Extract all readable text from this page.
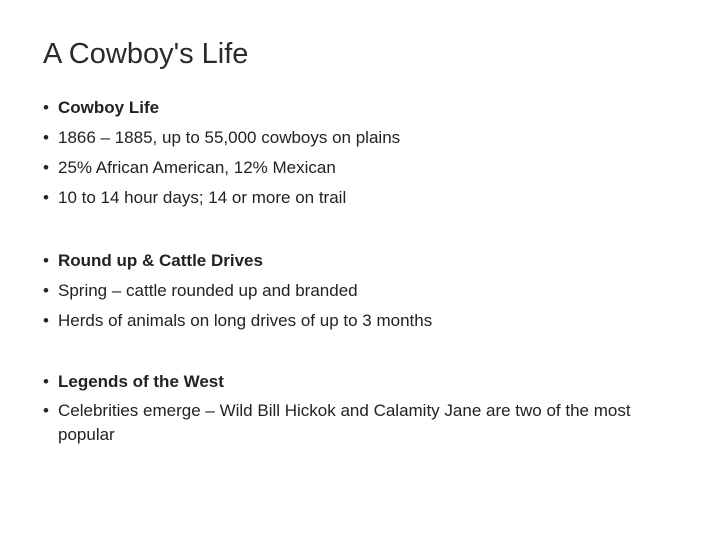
A Cowboy's Life
• Cowboy Life
• 1866 – 1885, up to 55,000 cowboys on plains
• 25% African American, 12% Mexican
• 10 to 14 hour days; 14 or more on trail
• Round up & Cattle Drives
• Spring – cattle rounded up and branded
• Herds of animals on long drives of up to 3 months
• Legends of the West
• Celebrities emerge – Wild Bill Hickok and Calamity Jane are two of the most popular
